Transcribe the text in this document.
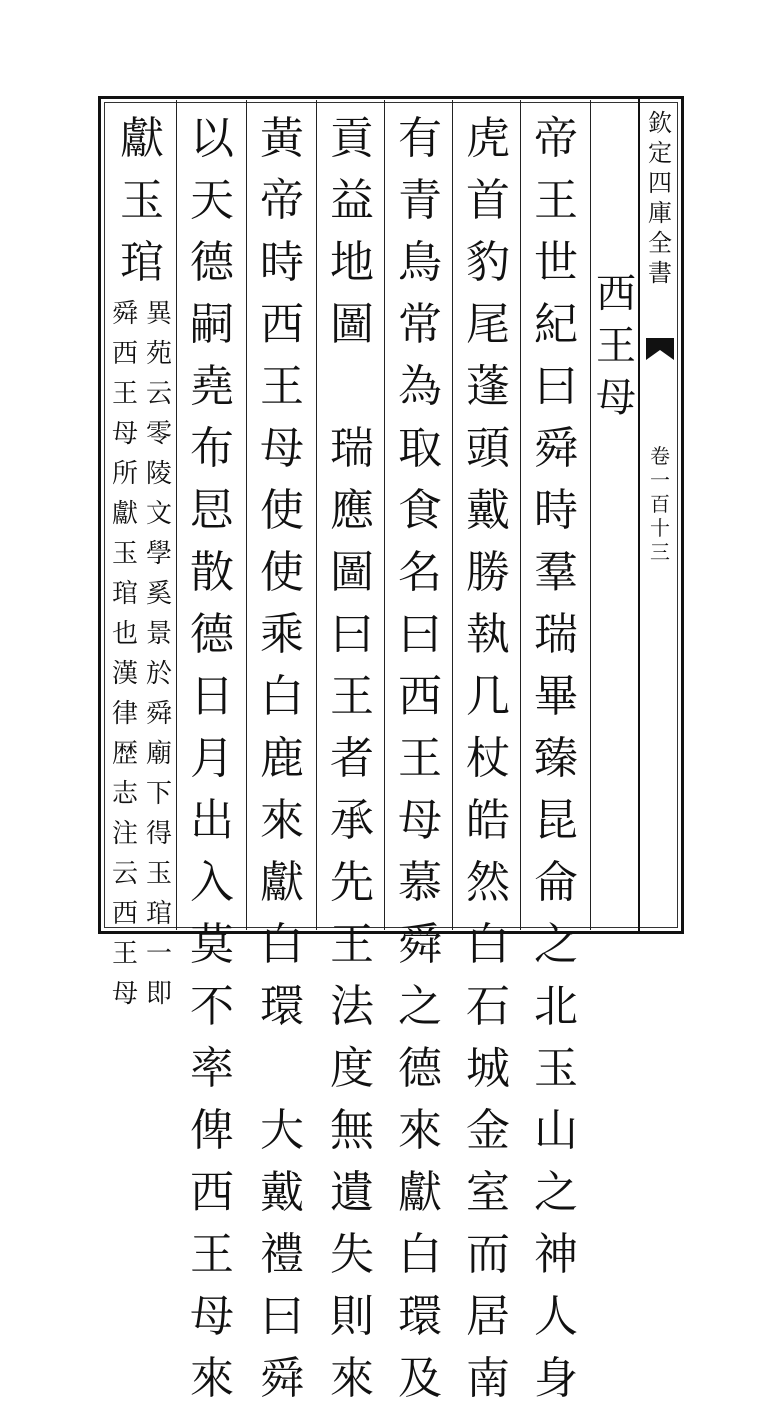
欽
定
四
庫
全
書
卷
一
百
十
三
西
王
母
帝
王
世
紀
曰
舜
時
羣
瑞
畢
臻
昆
侖
之
北
玉
山
之
神
人
身
虎
首
豹
尾
蓬
頭
戴
勝
執
几
杖
皓
然
白
石
城
金
室
而
居
南
有
青
鳥
常
為
取
食
名
曰
西
王
母
慕
舜
之
德
來
獻
白
環
及
貢
益
地
圖
瑞
應
圖
曰
王
者
承
先
王
法
度
無
遺
失
則
來
黃
帝
時
西
王
母
使
使
乘
白
鹿
來
獻
白
環
大
戴
禮
曰
舜
以
天
德
嗣
堯
布
㤙
散
德
日
月
出
入
莫
不
率
俾
西
王
母
來
獻
玉
琯
異
苑
云
零
陵
文
學
奚
景
於
舜
廟
下
得
玉
琯
一
即
舜
西
王
母
所
獻
玉
琯
也
漢
律
歴
志
注
云
西
王
母
